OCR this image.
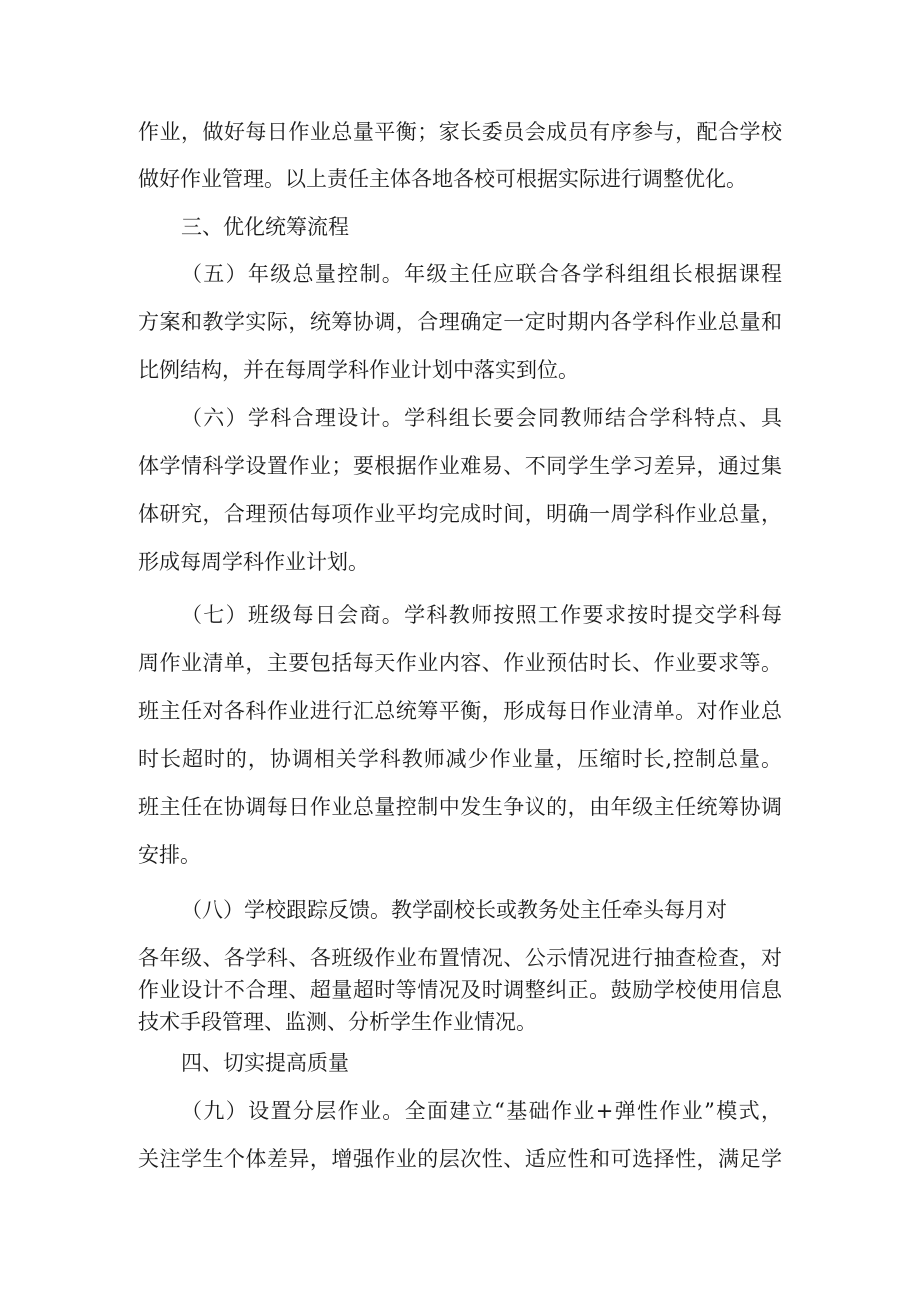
作业，做好每日作业总量平衡；家长委员会成员有序参与，配合学校
做好作业管理。以上责任主体各地各校可根据实际进行调整优化。
三、优化统筹流程
（五）年级总量控制。年级主任应联合各学科组组长根据课程
方案和教学实际，统筹协调，合理确定一定时期内各学科作业总量和
比例结构，并在每周学科作业计划中落实到位。
（六）学科合理设计。学科组长要会同教师结合学科特点、具
体学情科学设置作业；要根据作业难易、不同学生学习差异，通过集
体研究，合理预估每项作业平均完成时间，明确一周学科作业总量，
形成每周学科作业计划。
（七）班级每日会商。学科教师按照工作要求按时提交学科每
周作业清单，主要包括每天作业内容、作业预估时长、作业要求等。
班主任对各科作业进行汇总统筹平衡，形成每日作业清单。对作业总
时长超时的，协调相关学科教师减少作业量，压缩时长,控制总量。
班主任在协调每日作业总量控制中发生争议的，由年级主任统筹协调
安排。
（八）学校跟踪反馈。教学副校长或教务处主任牵头每月对
各年级、各学科、各班级作业布置情况、公示情况进行抽查检查，对
作业设计不合理、超量超时等情况及时调整纠正。鼓励学校使用信息
技术手段管理、监测、分析学生作业情况。
四、切实提高质量
（九）设置分层作业。全面建立“基础作业+弹性作业”模式，
关注学生个体差异，增强作业的层次性、适应性和可选择性，满足学
